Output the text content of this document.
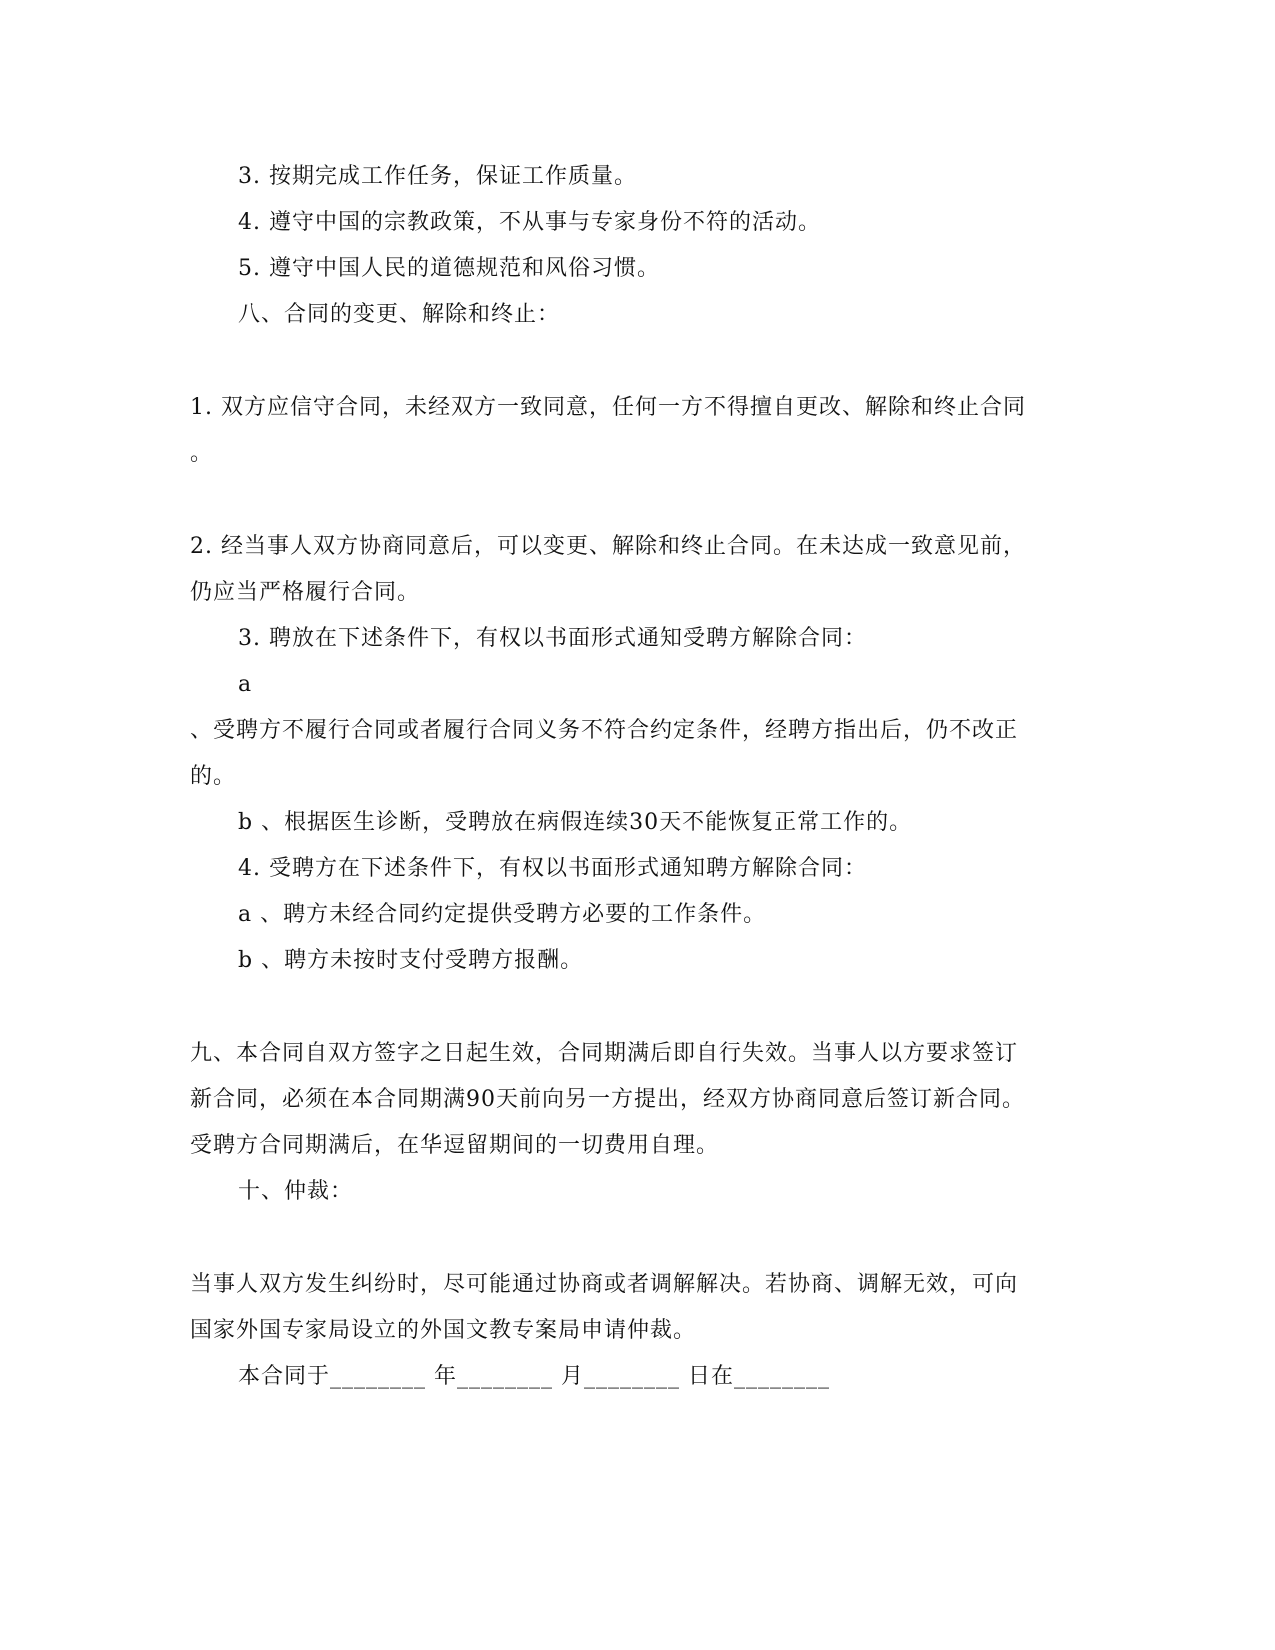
3. 按期完成工作任务，保证工作质量。
4. 遵守中国的宗教政策，不从事与专家身份不符的活动。
5. 遵守中国人民的道德规范和风俗习惯。
八、合同的变更、解除和终止：
1. 双方应信守合同，未经双方一致同意，任何一方不得擅自更改、解除和终止合同
。
2. 经当事人双方协商同意后，可以变更、解除和终止合同。在未达成一致意见前，
仍应当严格履行合同。
3. 聘放在下述条件下，有权以书面形式通知受聘方解除合同：
a
、受聘方不履行合同或者履行合同义务不符合约定条件，经聘方指出后，仍不改正
的。
b 、根据医生诊断，受聘放在病假连续30天不能恢复正常工作的。
4. 受聘方在下述条件下，有权以书面形式通知聘方解除合同：
a 、聘方未经合同约定提供受聘方必要的工作条件。
b 、聘方未按时支付受聘方报酬。
九、本合同自双方签字之日起生效，合同期满后即自行失效。当事人以方要求签订
新合同，必须在本合同期满90天前向另一方提出，经双方协商同意后签订新合同。
受聘方合同期满后，在华逗留期间的一切费用自理。
十、仲裁：
当事人双方发生纠纷时，尽可能通过协商或者调解解决。若协商、调解无效，可向
国家外国专家局设立的外国文教专案局申请仲裁。
本合同于________ 年________ 月________ 日在________
